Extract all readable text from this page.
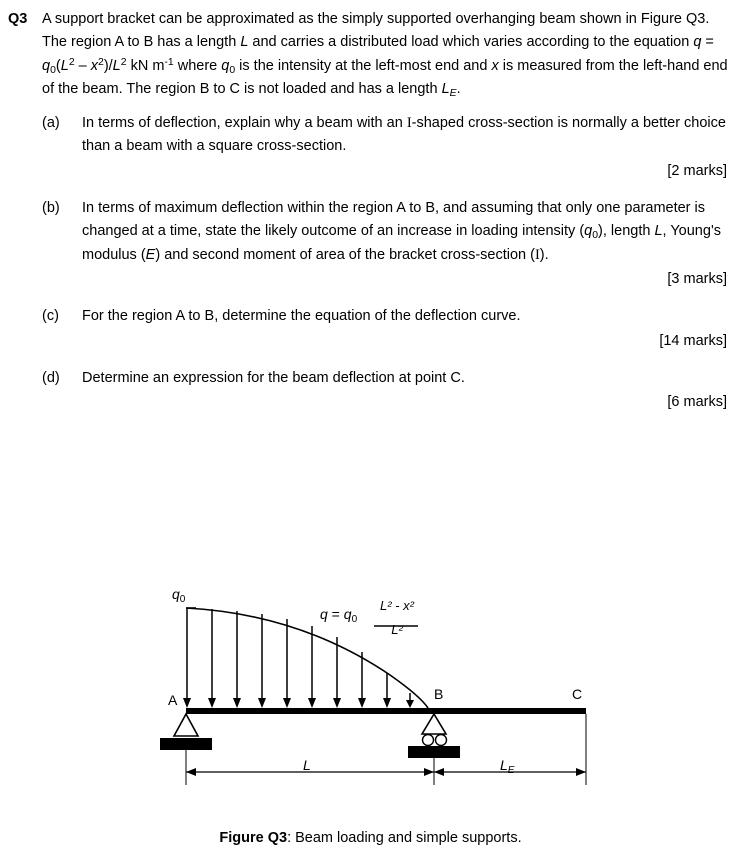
Q3	A support bracket can be approximated as the simply supported overhanging beam shown in Figure Q3.  The region A to B has a length L and carries a distributed load which varies according to the equation $q = q_0(L^2 - x^2)/L^2$ kN $m^{-1}$ where $q_0$ is the intensity at the left-most end and x is measured from the left-hand end of the beam. The region B to C is not loaded and has a length $L_E$.
(a)	In terms of deflection, explain why a beam with an I-shaped cross-section is normally a better choice than a beam with a square cross-section.
[2 marks]
(b)	In terms of maximum deflection within the region A to B, and assuming that only one parameter is changed at a time, state the likely outcome of an increase in loading intensity $(q_0)$, length L, Young's modulus (E) and second moment of area of the bracket cross-section (I).
[3 marks]
(c)	For the region A to B, determine the equation of the deflection curve.
[14 marks]
(d)	Determine an expression for the beam deflection at point C.
[6 marks]
$q_0$
$q = q_0$
L² - x²
L²
A	B	C
L	$L_E$
Figure Q3: Beam loading and simple supports.
